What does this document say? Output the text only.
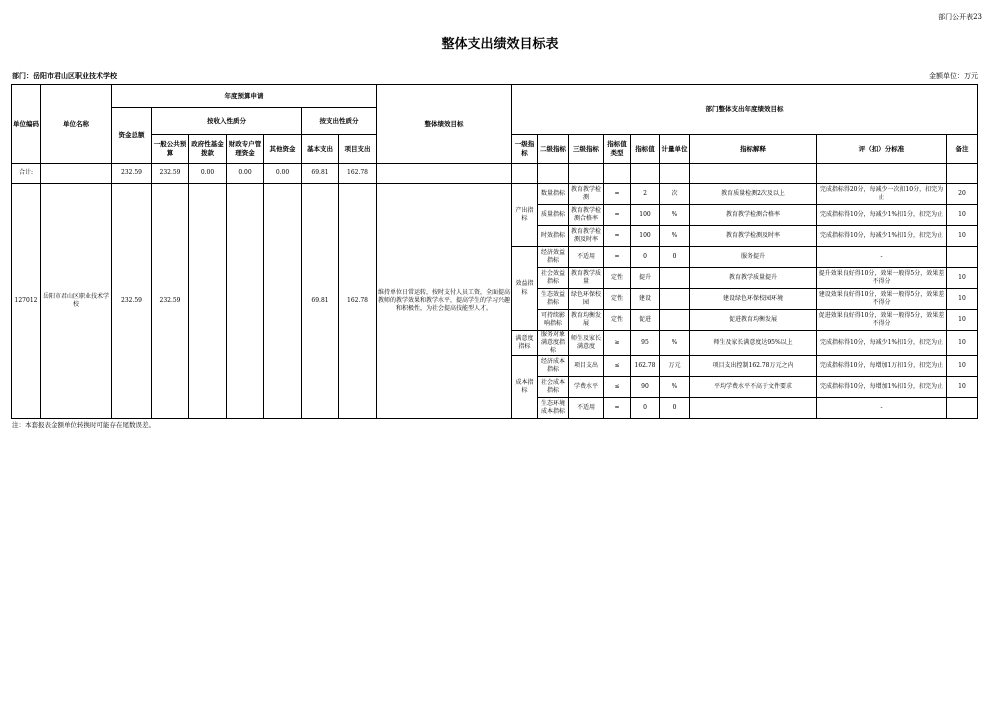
部门公开表23
整体支出绩效目标表
部门：岳阳市君山区职业技术学校	金额单位：万元
单位编码	单位名称	年度预算申请							整体绩效目标	部门整体支出年度绩效目标								
		资金总额	按收入性质分				按支出性质分											
			一般公共预算	政府性基金拨款	财政专户管理资金	其他资金	基本支出	项目支出		一级指标	二级指标	三级指标	指标值类型	指标值	计量单位	指标解释	评（扣）分标准	备注
合计:		232.59	232.59	0.00	0.00	0.00	69.81	162.78										
127012	岳阳市君山区职业技术学校	232.59	232.59				69.81	162.78	维持单位日常运转，按时支付人员工资，全面提高教师的教学效果和教学水平，提高学生的学习兴趣和积极性，为社会提高技能型人才。	产出指标	数量指标	教育教学检测	=	2	次	教育质量检测2次及以上	完成指标得20分，每减少一次扣10分，扣完为止	20
											质量指标	教育教学检测合格率	=	100	%	教育教学检测合格率	完成指标得10分，每减少1%扣1分，扣完为止	10
											时效指标	教育教学检测及时率	=	100	%	教育教学检测及时率	完成指标得10分，每减少1%扣1分，扣完为止	10
										效益指标	经济效益指标	不适用	=	0	0	服务提升	-	
											社会效益指标	教育教学质量	定性	提升		教育教学质量提升	提升效果良好得10分，效果一般得5分，效果差不得分	10
											生态效益指标	绿色环保校园	定性	建设		建设绿色环保校园环境	建设效果良好得10分，效果一般得5分，效果差不得分	10
											可持续影响指标	教育均衡发展	定性	促进		促进教育均衡发展	促进效果良好得10分，效果一般得5分，效果差不得分	10
										满意度指标	服务对象满意度指标	师生及家长满意度	≥	95	%	师生及家长满意度达95%以上	完成指标得10分，每减少1%扣1分，扣完为止	10
										成本指标	经济成本指标	项目支出	≤	162.78	万元	项目支出控制162.78万元之内	完成指标得10分，每增加1万扣1分，扣完为止	10
											社会成本指标	学费水平	≤	90	%	平均学费水平不高于文件要求	完成指标得10分，每增加1%扣1分，扣完为止	10
											生态环境成本指标	不适用	=	0	0		-	
注：本套报表金额单位转换时可能存在尾数误差。
